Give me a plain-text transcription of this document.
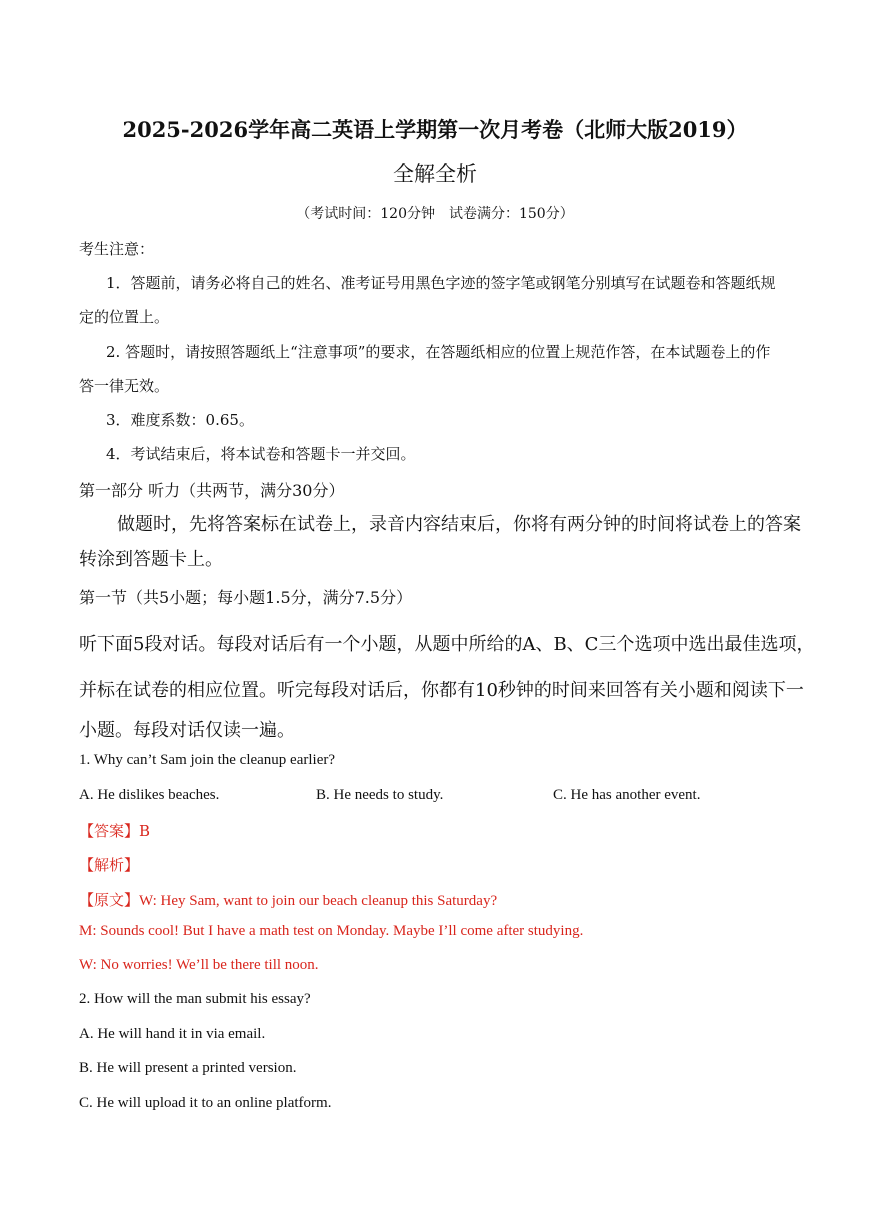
2025-2026学年高二英语上学期第一次月考卷（北师大版2019）
全解全析
（考试时间：120分钟　试卷满分：150分）
考生注意：
1．答题前，请务必将自己的姓名、准考证号用黑色字迹的签字笔或钢笔分别填写在试题卷和答题纸规
定的位置上。
2. 答题时，请按照答题纸上“注意事项”的要求，在答题纸相应的位置上规范作答，在本试题卷上的作
答一律无效。
3．难度系数：0.65。
4．考试结束后，将本试卷和答题卡一并交回。
第一部分 听力（共两节，满分30分）
做题时，先将答案标在试卷上，录音内容结束后，你将有两分钟的时间将试卷上的答案
转涂到答题卡上。
第一节（共5小题；每小题1.5分，满分7.5分）
听下面5段对话。每段对话后有一个小题，从题中所给的A、B、C三个选项中选出最佳选项，
并标在试卷的相应位置。听完每段对话后，你都有10秒钟的时间来回答有关小题和阅读下一
小题。每段对话仅读一遍。
1. Why can’t Sam join the cleanup earlier?
A. He dislikes beaches.	B. He needs to study.	C. He has another event.
【答案】B
【解析】
【原文】W: Hey Sam, want to join our beach cleanup this Saturday?
M: Sounds cool! But I have a math test on Monday. Maybe I’ll come after studying.
W: No worries! We’ll be there till noon.
2. How will the man submit his essay?
A. He will hand it in via email.
B. He will present a printed version.
C. He will upload it to an online platform.
